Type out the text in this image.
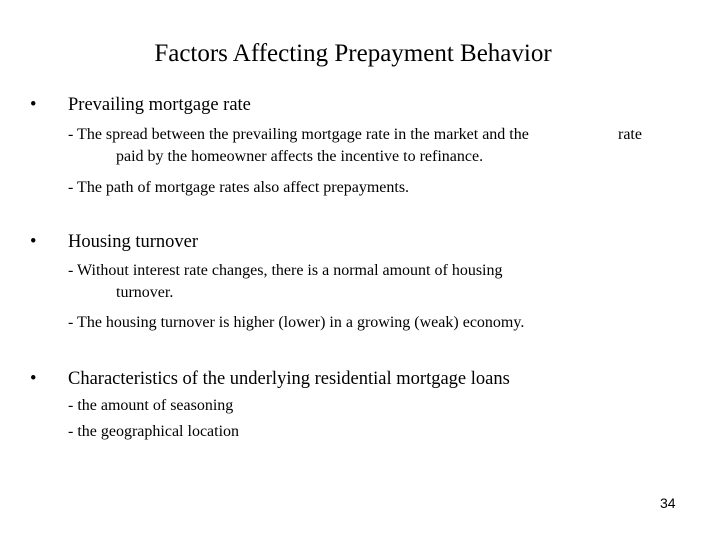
Factors Affecting Prepayment Behavior
• Prevailing mortgage rate
- The spread between the prevailing mortgage rate in the market and the	rate
paid by the homeowner affects the incentive to refinance.
- The path of mortgage rates also affect prepayments.
• Housing turnover
- Without interest rate changes, there is a normal amount of housing
turnover.
- The housing turnover is higher (lower) in a growing (weak) economy.
• Characteristics of the underlying residential mortgage loans
- the amount of seasoning
- the geographical location
34
